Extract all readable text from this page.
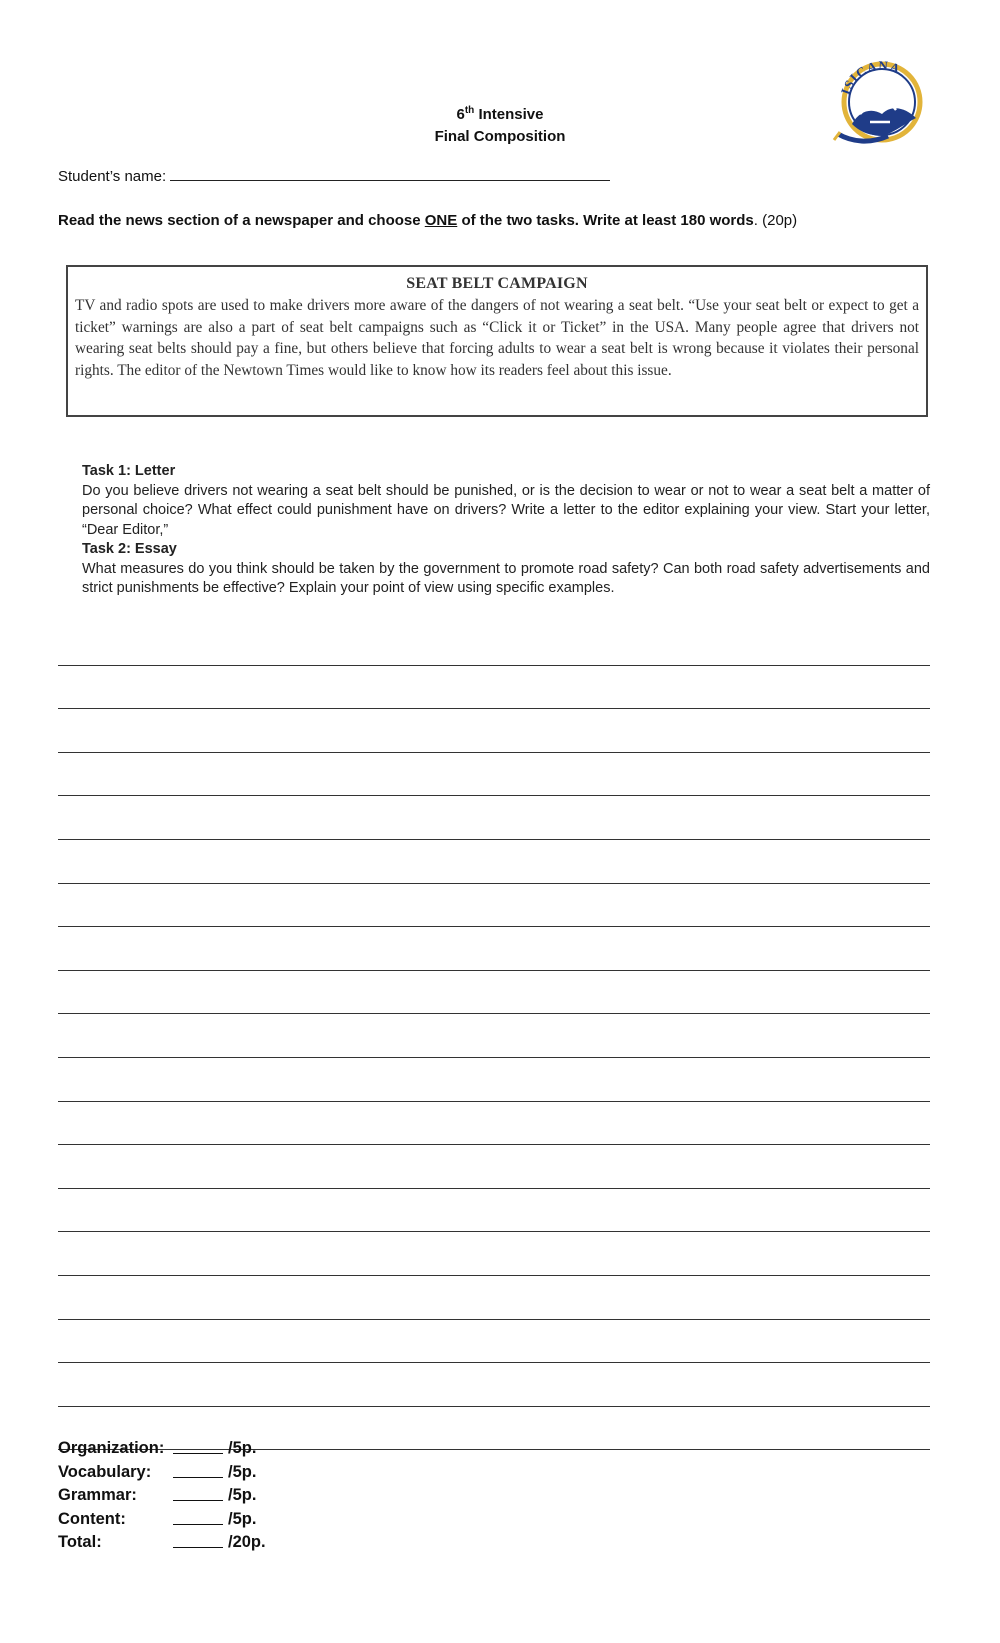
ISICANA
6th Intensive
Final Composition
Student’s name:
Read the news section of a newspaper and choose ONE of the two tasks. Write at least 180 words. (20p)
SEAT BELT CAMPAIGN
TV and radio spots are used to make drivers more aware of the dangers of not wearing a seat belt. “Use your seat belt or expect to get a ticket” warnings are also a part of seat belt campaigns such as “Click it or Ticket” in the USA. Many people agree that drivers not wearing seat belts should pay a fine, but others believe that forcing adults to wear a seat belt is wrong because it violates their personal rights. The editor of the Newtown Times would like to know how its readers feel about this issue.
Task 1: Letter
Do you believe drivers not wearing a seat belt should be punished, or is the decision to wear or not to wear a seat belt a matter of personal choice? What effect could punishment have on drivers? Write a letter to the editor explaining your view. Start your letter, “Dear Editor,”
Task 2: Essay
What measures do you think should be taken by the government to promote road safety? Can both road safety advertisements and strict punishments be effective? Explain your point of view using specific examples.
Organization:	/5p.
Vocabulary:	/5p.
Grammar:	/5p.
Content:	/5p.
Total:	/20p.
